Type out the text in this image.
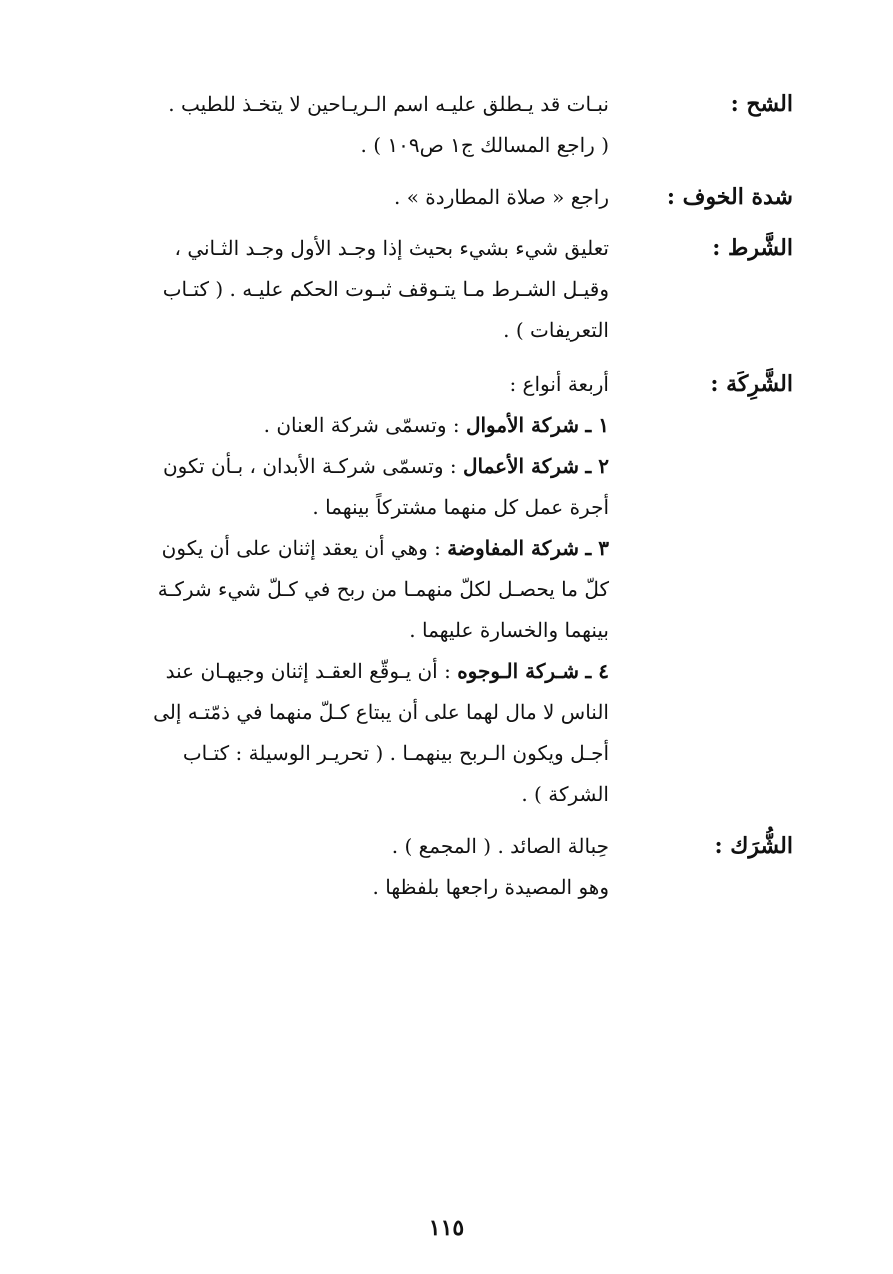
الشح :

نبـات قد يـطلق عليـه اسم الـريـاحين لا يتخـذ للطيب .

( راجع المسالك ج١ ص١٠٩ ) .

شدة الخوف :

راجع « صلاة المطاردة » .

الشَّرط :

تعليق شيء بشيء بحيث إذا وجـد الأول وجـد الثـاني ،

وقيـل الشـرط مـا يتـوقف ثبـوت الحكم عليـه . ( كتـاب

التعريفات ) .

الشَّرِكَة :

أربعة أنواع :

١ ـ شركة الأموال : وتسمّى شركة العنان .

٢ ـ شركة الأعمال : وتسمّى شركـة الأبدان ، بـأن تكون

أجرة عمل كل منهما مشتركاً بينهما .

٣ ـ شركة المفاوضة : وهي أن يعقد إثنان على أن يكون

كلّ ما يحصـل لكلّ منهمـا من ربح في كـلّ شيء شركـة

بينهما والخسارة عليهما .

٤ ـ شـركة الـوجوه : أن يـوقّع العقـد إثنان وجيهـان عند

الناس لا مال لهما على أن يبتاع كـلّ منهما في ذمّتـه إلى

أجـل ويكون الـربح بينهمـا . ( تحريـر الوسيلة : كتـاب

الشركة ) .

الشُّرَك :

حِبالة الصائد . ( المجمع ) .

وهو المصيدة راجعها بلفظها .

١١٥
